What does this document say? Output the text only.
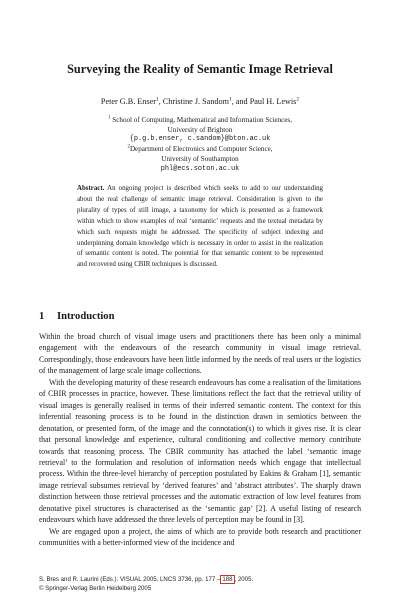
Surveying the Reality of Semantic Image Retrieval
Peter G.B. Enser$^1$, Christine J. Sandom$^1$, and Paul H. Lewis$^2$
$^1$ School of Computing, Mathematical and Information Sciences,
University of Brighton
{p.g.b.enser, c.sandom}@bton.ac.uk
$^2$Department of Electronics and Computer Science,
University of Southampton
phl@ecs.soton.ac.uk
Abstract. An ongoing project is described which seeks to add to our understanding about the real challenge of semantic image retrieval. Consideration is given to the plurality of types of still image, a taxonomy for which is presented as a framework within which to show examples of real ‘semantic’ requests and the textual metadata by which such requests might be addressed. The specificity of subject indexing and underpinning domain knowledge which is necessary in order to assist in the realization of semantic content is noted. The potential for that semantic content to be represented and recovered using CBIR techniques is discussed.
1 Introduction

Within the broad church of visual image users and practitioners there has been only a minimal engagement with the endeavours of the research community in visual image retrieval. Correspondingly, those endeavours have been little informed by the needs of real users or the logistics of the management of large scale image collections.

With the developing maturity of these research endeavours has come a realisation of the limitations of CBIR processes in practice, however. These limitations reflect the fact that the retrieval utility of visual images is generally realised in terms of their inferred semantic content. The context for this inferential reasoning process is to be found in the distinction drawn in semiotics between the denotation, or presented form, of the image and the connotation(s) to which it gives rise. It is clear that personal knowledge and experience, cultural conditioning and collective memory contribute towards that reasoning process. The CBIR community has attached the label ‘semantic image retrieval’ to the formulation and resolution of information needs which engage that intellectual process. Within the three-level hierarchy of perception postulated by Eakins & Graham [1], semantic image retrieval subsumes retrieval by ‘derived features’ and ‘abstract attributes’. The sharply drawn distinction between those retrieval processes and the automatic extraction of low level features from denotative pixel structures is characterised as the ‘semantic gap’ [2]. A useful listing of research endeavours which have addressed the three levels of perception may be found in [3].

We are engaged upon a project, the aims of which are to provide both research and practitioner communities with a better-informed view of the incidence and

S. Bres and R. Laurini (Eds.): VISUAL 2005, LNCS 3736, pp. 177 – 188 , 2005.
© Springer-Verlag Berlin Heidelberg 2005
